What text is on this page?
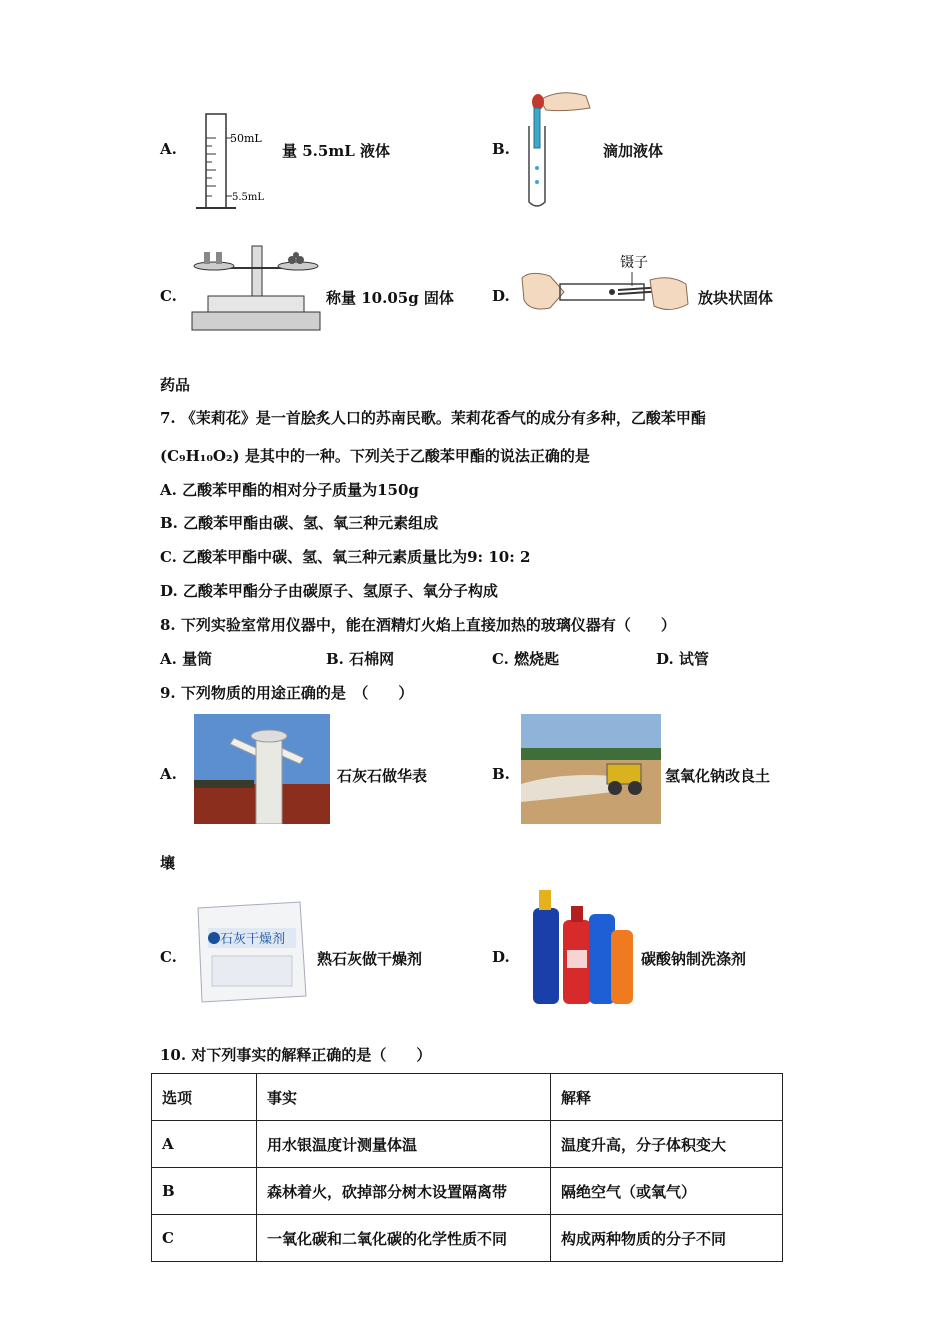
A.
50mL
5.5mL
量 5.5mL 液体	B.	滴加液体
C.	称量 10.05g 固体	D.
镊子
放块状固体
药品
7. 《茉莉花》是一首脍炙人口的苏南民歌。茉莉花香气的成分有多种，乙酸苯甲酯
(C₉H₁₀O₂) 是其中的一种。下列关于乙酸苯甲酯的说法正确的是
A. 乙酸苯甲酯的相对分子质量为150g
B. 乙酸苯甲酯由碳、氢、氧三种元素组成
C. 乙酸苯甲酯中碳、氢、氧三种元素质量比为9: 10: 2
D. 乙酸苯甲酯分子由碳原子、氢原子、氧分子构成
8. 下列实验室常用仪器中，能在酒精灯火焰上直接加热的玻璃仪器有（　　）
A. 量筒	B. 石棉网	C. 燃烧匙	D. 试管
9. 下列物质的用途正确的是　（　　）
A.	石灰石做华表	B.	氢氧化钠改良土
壤
C.
石灰干燥剂
熟石灰做干燥剂	D.	碳酸钠制洗涤剂
10. 对下列事实的解释正确的是（　　）
选项	事实	解释
A	用水银温度计测量体温	温度升高，分子体积变大
B	森林着火，砍掉部分树木设置隔离带	隔绝空气（或氧气）
C	一氧化碳和二氧化碳的化学性质不同	构成两种物质的分子不同
